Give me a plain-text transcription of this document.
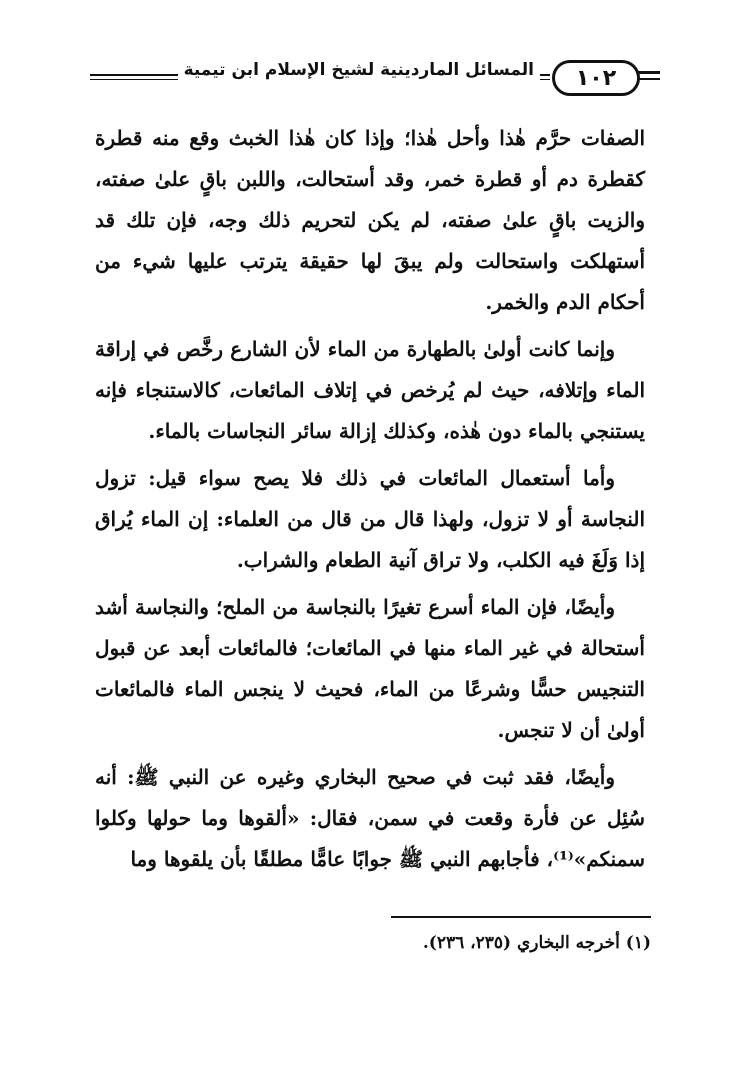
المسائل الماردينية لشيخ الإسلام ابن تيمية	١٠٢

الصفات حرَّم هٰذا وأحل هٰذا؛ وإذا كان هٰذا الخبث وقع منه قطرة كقطرة دم أو قطرة خمر، وقد أستحالت، واللبن باقٍ علىٰ صفته، والزيت باقٍ علىٰ صفته، لم يكن لتحريم ذلك وجه، فإن تلك قد أستهلكت واستحالت ولم يبقَ لها حقيقة يترتب عليها شيء من أحكام الدم والخمر.

وإنما كانت أولىٰ بالطهارة من الماء لأن الشارع رخَّص في إراقة الماء وإتلافه، حيث لم يُرخص في إتلاف المائعات، كالاستنجاء فإنه يستنجي بالماء دون هٰذه، وكذلك إزالة سائر النجاسات بالماء.

وأما أستعمال المائعات في ذلك فلا يصح سواء قيل: تزول النجاسة أو لا تزول، ولهذا قال من قال من العلماء: إن الماء يُراق إذا وَلَغَ فيه الكلب، ولا تراق آنية الطعام والشراب.

وأيضًا، فإن الماء أسرع تغيرًا بالنجاسة من الملح؛ والنجاسة أشد أستحالة في غير الماء منها في المائعات؛ فالمائعات أبعد عن قبول التنجيس حسًّا وشرعًا من الماء، فحيث لا ينجس الماء فالمائعات أولىٰ أن لا تنجس.

وأيضًا، فقد ثبت في صحيح البخاري وغيره عن النبي ﷺ: أنه سُئِل عن فأرة وقعت في سمن، فقال: «ألقوها وما حولها وكلوا سمنكم»⁽¹⁾، فأجابهم النبي ﷺ جوابًا عامًّا مطلقًا بأن يلقوها وما

(١) أخرجه البخاري (٢٣٥، ٢٣٦).
